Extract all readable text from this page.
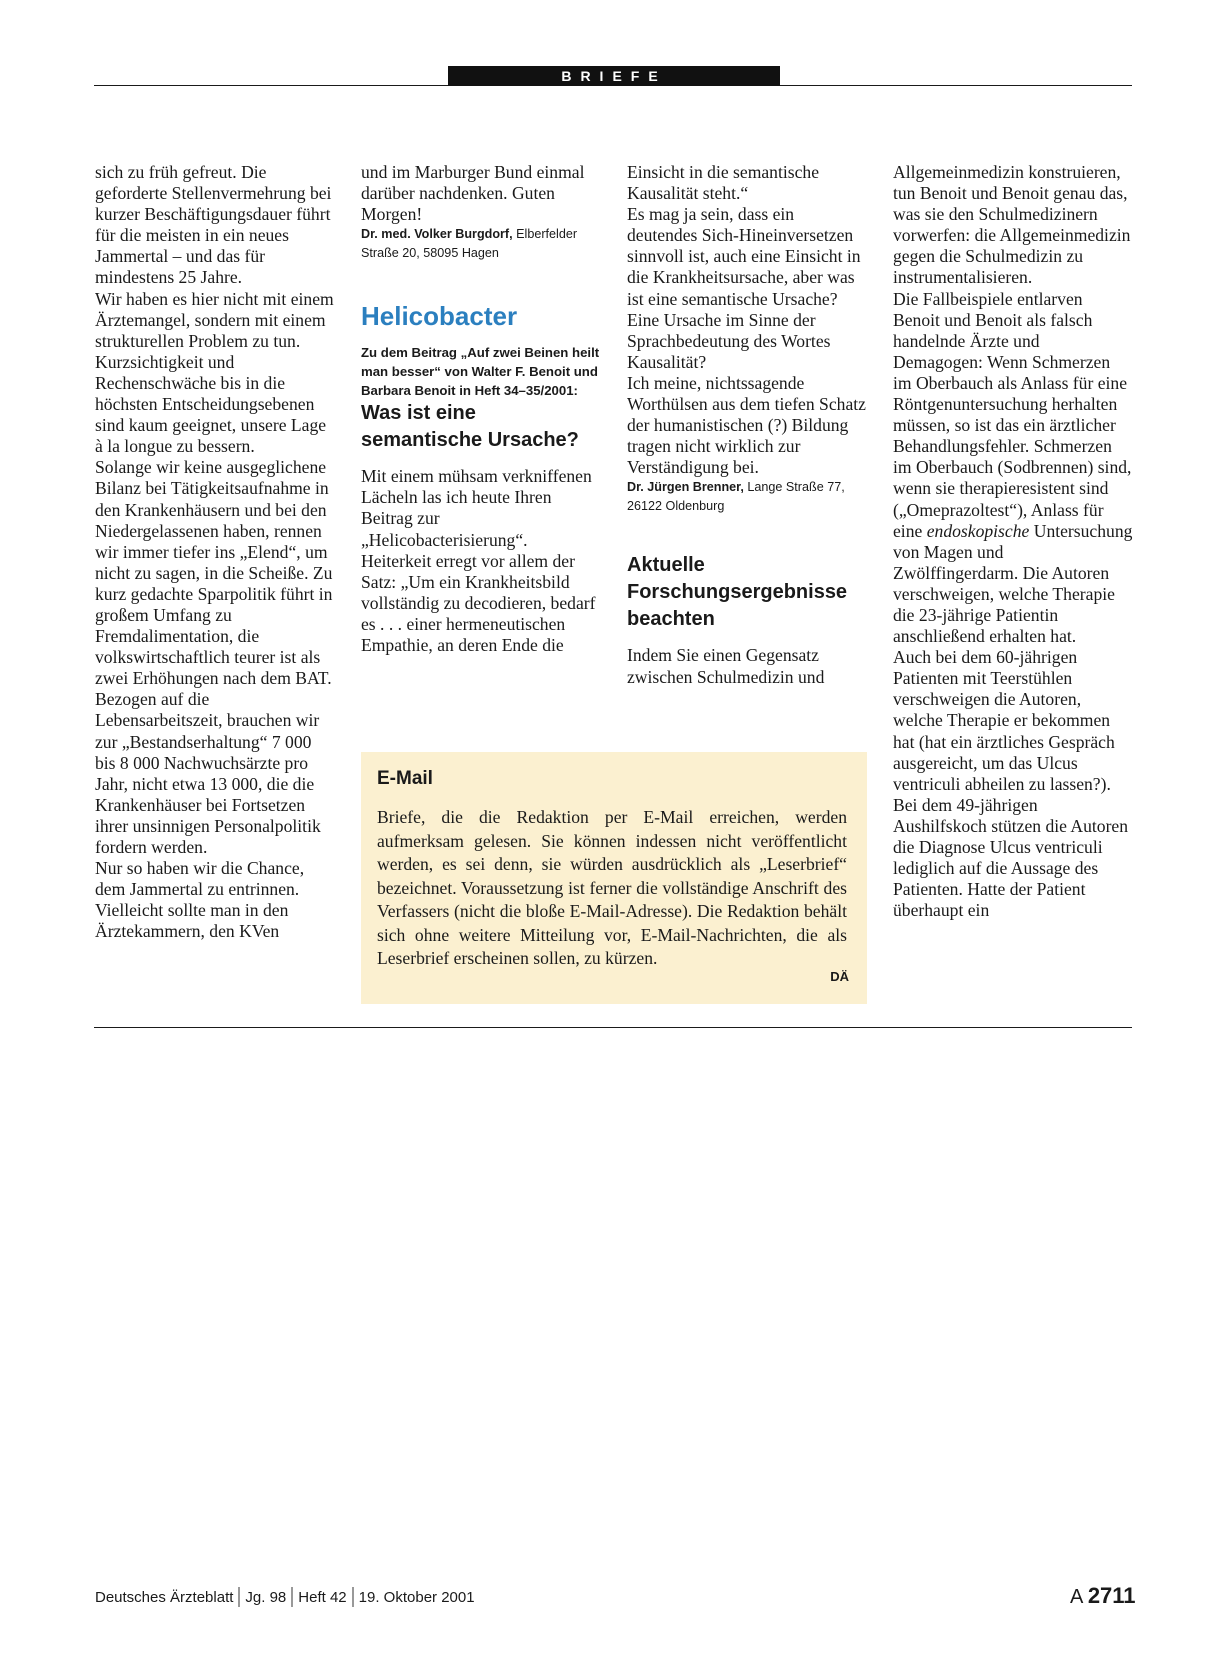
BRIEFE

sich zu früh gefreut. Die geforderte Stellenvermehrung bei kurzer Beschäftigungsdauer führt für die meisten in ein neues Jammertal – und das für mindestens 25 Jahre.

Wir haben es hier nicht mit einem Ärztemangel, sondern mit einem strukturellen Problem zu tun. Kurzsichtigkeit und Rechenschwäche bis in die höchsten Entscheidungsebenen sind kaum geeignet, unsere Lage à la longue zu bessern.

Solange wir keine ausgeglichene Bilanz bei Tätigkeitsaufnahme in den Krankenhäusern und bei den Niedergelassenen haben, rennen wir immer tiefer ins „Elend“, um nicht zu sagen, in die Scheiße. Zu kurz gedachte Sparpolitik führt in großem Umfang zu Fremdalimentation, die volkswirtschaftlich teurer ist als zwei Erhöhungen nach dem BAT. Bezogen auf die Lebensarbeitszeit, brauchen wir zur „Bestandserhaltung“ 7 000 bis 8 000 Nachwuchsärzte pro Jahr, nicht etwa 13 000, die die Krankenhäuser bei Fortsetzen ihrer unsinnigen Personalpolitik fordern werden.

Nur so haben wir die Chance, dem Jammertal zu entrinnen. Vielleicht sollte man in den Ärztekammern, den KVen

und im Marburger Bund einmal darüber nachdenken. Guten Morgen!

Dr. med. Volker Burgdorf, Elberfelder Straße 20, 58095 Hagen

Helicobacter

Zu dem Beitrag „Auf zwei Beinen heilt man besser“ von Walter F. Benoit und Barbara Benoit in Heft 34–35/2001:

Was ist eine semantische Ursache?

Mit einem mühsam verkniffenen Lächeln las ich heute Ihren Beitrag zur „Helicobacterisierung“. Heiterkeit erregt vor allem der Satz: „Um ein Krankheitsbild vollständig zu decodieren, bedarf es . . . einer hermeneutischen Empathie, an deren Ende die

Einsicht in die semantische Kausalität steht.“

Es mag ja sein, dass ein deutendes Sich-Hineinversetzen sinnvoll ist, auch eine Einsicht in die Krankheitsursache, aber was ist eine semantische Ursache? Eine Ursache im Sinne der Sprachbedeutung des Wortes Kausalität?

Ich meine, nichtssagende Worthülsen aus dem tiefen Schatz der humanistischen (?) Bildung tragen nicht wirklich zur Verständigung bei.

Dr. Jürgen Brenner, Lange Straße 77, 26122 Oldenburg

Aktuelle Forschungsergebnisse beachten

Indem Sie einen Gegensatz zwischen Schulmedizin und

Allgemeinmedizin konstruieren, tun Benoit und Benoit genau das, was sie den Schulmedizinern vorwerfen: die Allgemeinmedizin gegen die Schulmedizin zu instrumentalisieren.

Die Fallbeispiele entlarven Benoit und Benoit als falsch handelnde Ärzte und Demagogen: Wenn Schmerzen im Oberbauch als Anlass für eine Röntgenuntersuchung herhalten müssen, so ist das ein ärztlicher Behandlungsfehler. Schmerzen im Oberbauch (Sodbrennen) sind, wenn sie therapieresistent sind („Omeprazoltest“), Anlass für eine endoskopische Untersuchung von Magen und Zwölffingerdarm. Die Autoren verschweigen, welche Therapie die 23-jährige Patientin anschließend erhalten hat.

Auch bei dem 60-jährigen Patienten mit Teerstühlen verschweigen die Autoren, welche Therapie er bekommen hat (hat ein ärztliches Gespräch ausgereicht, um das Ulcus ventriculi abheilen zu lassen?).

Bei dem 49-jährigen Aushilfskoch stützen die Autoren die Diagnose Ulcus ventriculi lediglich auf die Aussage des Patienten. Hatte der Patient überhaupt ein

E-Mail
Briefe, die die Redaktion per E-Mail erreichen, werden aufmerksam gelesen. Sie können indessen nicht veröffentlicht werden, es sei denn, sie würden ausdrücklich als „Leserbrief“ bezeichnet. Voraussetzung ist ferner die vollständige Anschrift des Verfassers (nicht die bloße E-Mail-Adresse). Die Redaktion behält sich ohne weitere Mitteilung vor, E-Mail-Nachrichten, die als Leserbrief erscheinen sollen, zu kürzen.
DÄ
Deutsches Ärzteblatt Jg. 98 Heft 42 19. Oktober 2001	A 2711
